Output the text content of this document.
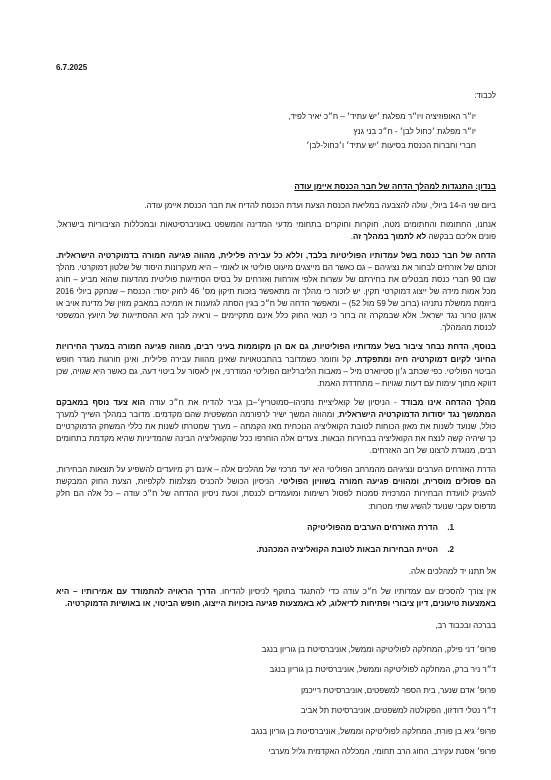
6.7.2025
לכבוד:
יו״ר האופוזיציה ויו״ר מפלגת ׳יש עתיד׳ – ח״כ יאיר לפיד,
יו״ר מפלגת ׳כחול לבן׳ - ח״כ בני גנץ
חברי וחברות הכנסת בסיעות ׳יש עתיד׳ ו׳כחול-לבן׳
בנדון: התנגדות למהלך הדחה של חבר הכנסת איימן עודה

ביום שני ה-14 ביולי, עולה להצבעה במליאת הכנסת הצעת ועדת הכנסת להדיח את חבר הכנסת איימן עודה.

אנחנו, החתומות והחתומים מטה, חוקרות וחוקרים בתחומי מדעי המדינה והמשפט באוניברסיטאות ובמכללות הציבוריות בישראל, פונים אליכם בבקשה לא לתמוך במהלך זה.

הדחה של חבר כנסת בשל עמדותיו הפוליטיות בלבד, וללא כל עבירה פלילית, מהווה פגיעה חמורה בדמוקרטיה הישראלית. זכותם של אזרחים לבחור את נציגיהם – גם כאשר הם מייצגים מיעוט פוליטי או לאומי – היא מעקרונות היסוד של שלטון דמוקרטי. מהלך שבו 90 חברי כנסת מבטלים את בחירתם של עשרות אלפי אזרחות ואזרחים על בסיס הסתייגות פוליטית מהדעות שהוא מביע – חורג מכל אמות מידה של ייצוג דמוקרטי תקין. יש לזכור כי מהלך זה מתאפשר בזכות תיקון מס׳ 46 לחוק יסוד: הכנסת – שנחקק ביולי 2016 ביוזמת ממשלת נתניהו (ברוב של 59 מול 52) – ומאפשר הדחה של ח״כ בגין הסתה לגזענות או תמיכה במאבק מזוין של מדינת אויב או ארגון טרור נגד ישראל. אלא שבמקרה זה ברור כי תנאי החוק כלל אינם מתקיימים – וראיה לכך היא ההסתייגות של היועץ המשפטי לכנסת מהמהלך.

בנוסף, הדחת נבחר ציבור בשל עמדותיו הפוליטיות, גם אם הן מקוממות בעיני רבים, מהווה פגיעה חמורה במערך החירויות החיוני לקיום דמוקרטיה חיה ומתפקדת. קל וחומר כשמדובר בהתבטאויות שאינן מהוות עבירה פלילית, ואינן חורגות מגדר חופש הביטוי הפוליטי. כפי שכתב ג׳ון סטיוארט מיל – מאבות הליברליזם הפוליטי המודרני, אין לאסור על ביטוי דעה, גם כאשר היא שגויה, שכן דווקא מתוך עימות עם דעות שגויות – מתחדדת האמת.

מהלך ההדחה אינו מבודד - הניסיון של קואליציית נתניהו–סמוטריץ׳–בן גביר להדיח את ח״כ עודה הוא צעד נוסף במאבקם המתמשך נגד יסודות הדמוקרטיה הישראלית, ומהווה המשך ישיר לרפורמה המשפטית שהם מקדמים. מדובר במהלך השייך למערך כולל, שנועד לשנות את מאזן הכוחות לטובת הקואליציה הנוכחית מאז הקמתה – מערך שמטרתו לשנות את כללי המשחק הדמוקרטיים כך שיהיה קשה לנצח את הקואליציה בבחירות הבאות. צעדים אלה הוחרפו ככל שהקואליציה הבינה שהמדיניות שהיא מקדמת בתחומים רבים, מנוגדת לרצונו של רוב האזרחים.

הדרת האזרחים הערבים ונציגיהם מהמרחב הפוליטי היא יעד מרכזי של מהלכים אלה – אינם רק מיועדים להשפיע על תוצאות הבחירות, הם פסולים מוסרית, ומהווים פגיעה חמורה בשוויון הפוליטי. הניסיון הכושל להכניס מצלמות לקלפיות, הצעת החוק המבקשת להעניק לוועדת הבחירות המרכזית סמכות לפסול רשימות ומועמדים לכנסת, וכעת ניסיון ההדחה של ח״כ עודה – כל אלה הם חלק מדפוס עקבי שנועד להשיג שתי מטרות:

1.
הדרת האזרחים הערבים מהפוליטיקה
2.
הטיית הבחירות הבאות לטובת הקואליציה המכהנת.
אל תתנו יד למהלכים אלה.

אין צורך להסכים עם עמדותיו של ח״כ עודה כדי להתנגד בתוקף לניסיון להדיחו. הדרך הראויה להתמודד עם אמירותיו – היא באמצעות טיעונים, דיון ציבורי ופתיחות לדיאלוג, לא באמצעות פגיעה בזכויות הייצוג, חופש הביטוי, או באושיות הדמוקרטיה.

בברכה ובכבוד רב,
פרופ׳ דני פילק, המחלקה לפוליטיקה וממשל, אוניברסיטת בן גוריון בנגב
ד״ר ניר ברק, המחלקה לפוליטיקה וממשל, אוניברסיטת בן גוריון בנגב
פרופ׳ אדם שנער, בית הספר למשפטים, אוניברסיטת רייכמן
ד״ר נטלי דודזון, הפקולטה למשפטים, אוניברסיטת תל אביב
פרופ׳ גיא בן פורת, המחלקה לפוליטיקה וממשל, אוניברסיטת בן גוריון בנגב
פרופ׳ אסנת עקירב, החוג הרב תחומי, המכללה האקדמית גליל מערבי
